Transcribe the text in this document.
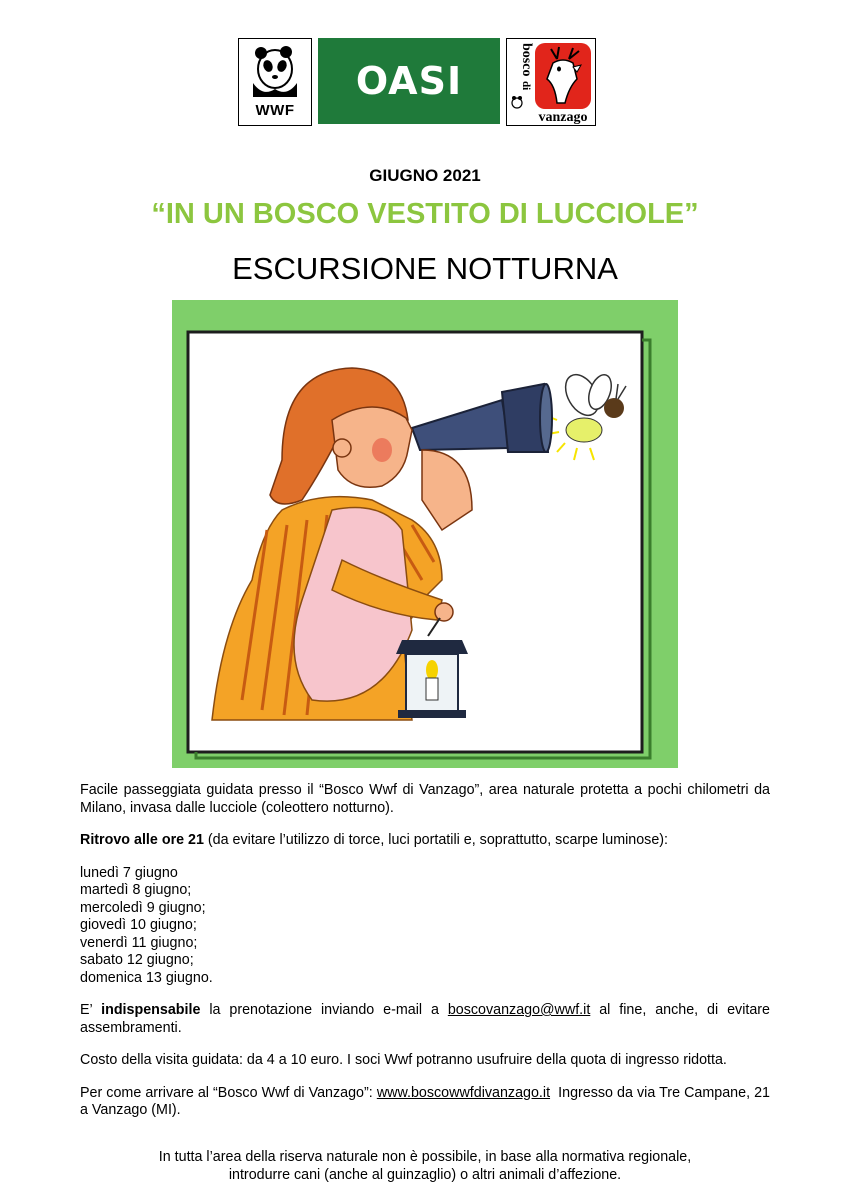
WWF
OASI	bosco
di
vanzago
GIUGNO 2021
“IN UN BOSCO VESTITO DI LUCCIOLE”
ESCURSIONE NOTTURNA

Facile passeggiata guidata presso il “Bosco Wwf di Vanzago”, area naturale protetta a pochi chilometri da Milano, invasa dalle lucciole (coleottero notturno).

Ritrovo alle ore 21 (da evitare l’utilizzo di torce, luci portatili e, soprattutto, scarpe luminose):

lunedì 7 giugno
martedì 8 giugno;
mercoledì 9 giugno;
giovedì 10 giugno;
venerdì 11 giugno;
sabato 12 giugno;
domenica 13 giugno.

E’ indispensabile la prenotazione inviando e-mail a boscovanzago@wwf.it al fine, anche, di evitare assembramenti.

Costo della visita guidata: da 4 a 10 euro. I soci Wwf potranno usufruire della quota di ingresso ridotta.

Per come arrivare al “Bosco Wwf di Vanzago”: www.boscowwfdivanzago.it  Ingresso da via Tre Campane, 21 a Vanzago (MI).

In tutta l’area della riserva naturale non è possibile, in base alla normativa regionale,
introdurre cani (anche al guinzaglio) o altri animali d’affezione.
